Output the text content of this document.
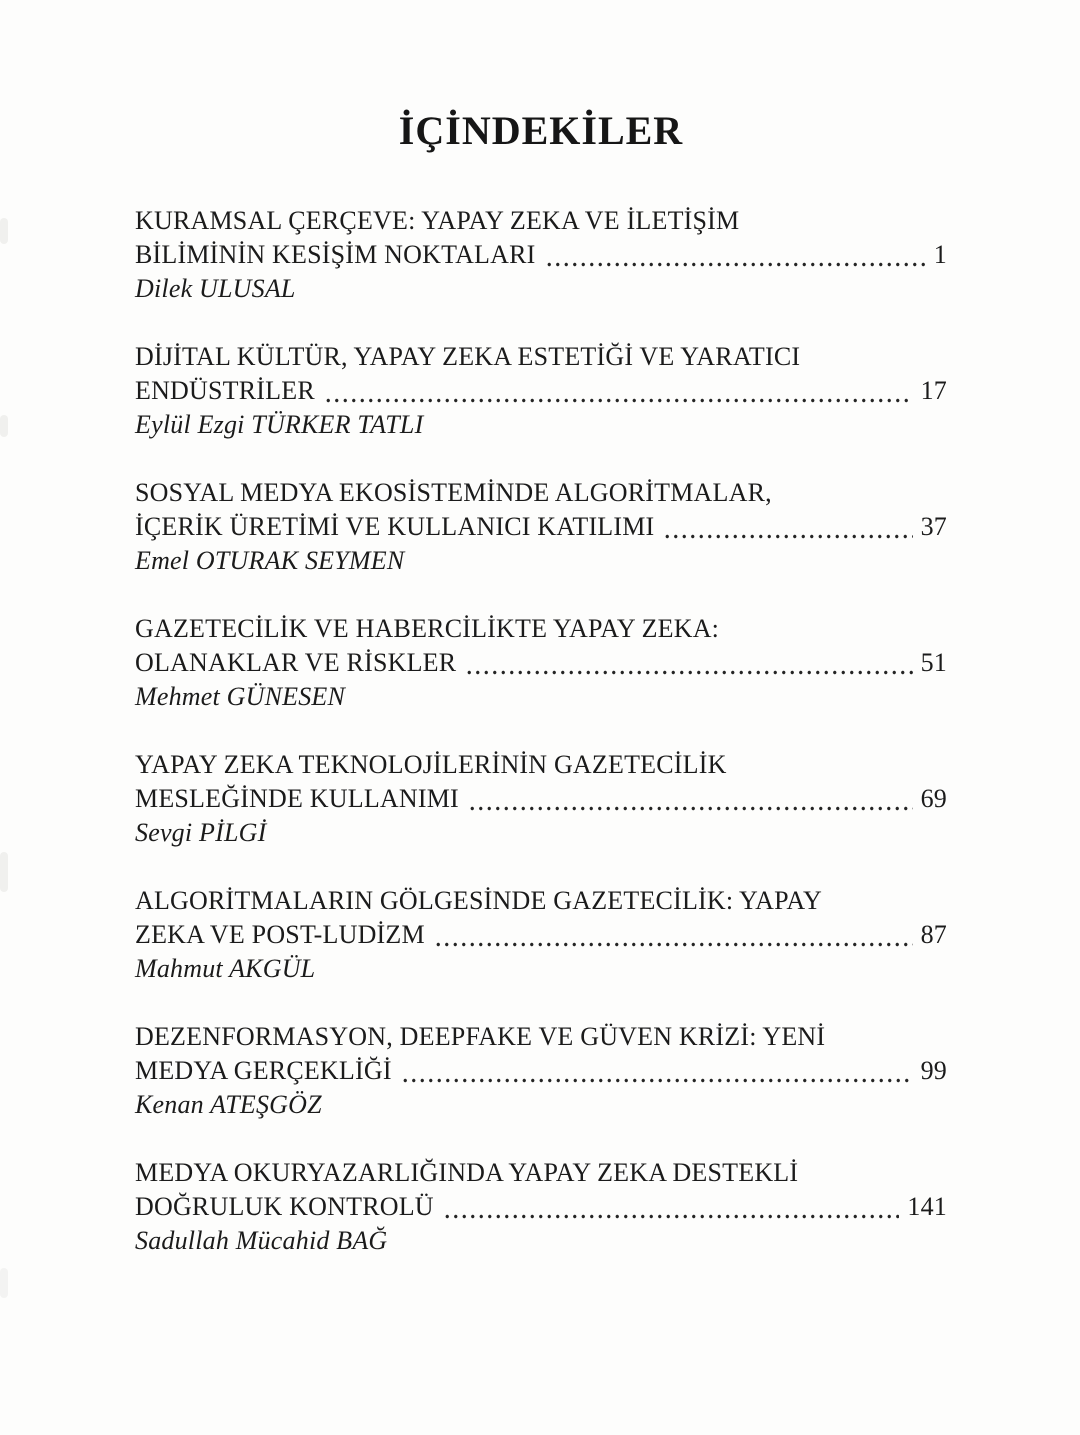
İÇİNDEKİLER
KURAMSAL ÇERÇEVE: YAPAY ZEKA VE İLETİŞİM
BİLİMİNİN KESİŞİM NOKTALARI	1
Dilek ULUSAL
DİJİTAL KÜLTÜR, YAPAY ZEKA ESTETİĞİ VE YARATICI
ENDÜSTRİLER	17
Eylül Ezgi TÜRKER TATLI
SOSYAL MEDYA EKOSİSTEMİNDE ALGORİTMALAR,
İÇERİK ÜRETİMİ VE KULLANICI KATILIMI	37
Emel OTURAK SEYMEN
GAZETECİLİK VE HABERCİLİKTE YAPAY ZEKA:
OLANAKLAR VE RİSKLER	51
Mehmet GÜNESEN
YAPAY ZEKA TEKNOLOJİLERİNİN GAZETECİLİK
MESLEĞİNDE KULLANIMI	69
Sevgi PİLGİ
ALGORİTMALARIN GÖLGESİNDE GAZETECİLİK: YAPAY
ZEKA VE POST-LUDİZM	87
Mahmut AKGÜL
DEZENFORMASYON, DEEPFAKE VE GÜVEN KRİZİ: YENİ
MEDYA GERÇEKLİĞİ	99
Kenan ATEŞGÖZ
MEDYA OKURYAZARLIĞINDA YAPAY ZEKA DESTEKLİ
DOĞRULUK KONTROLÜ	141
Sadullah Mücahid BAĞ
